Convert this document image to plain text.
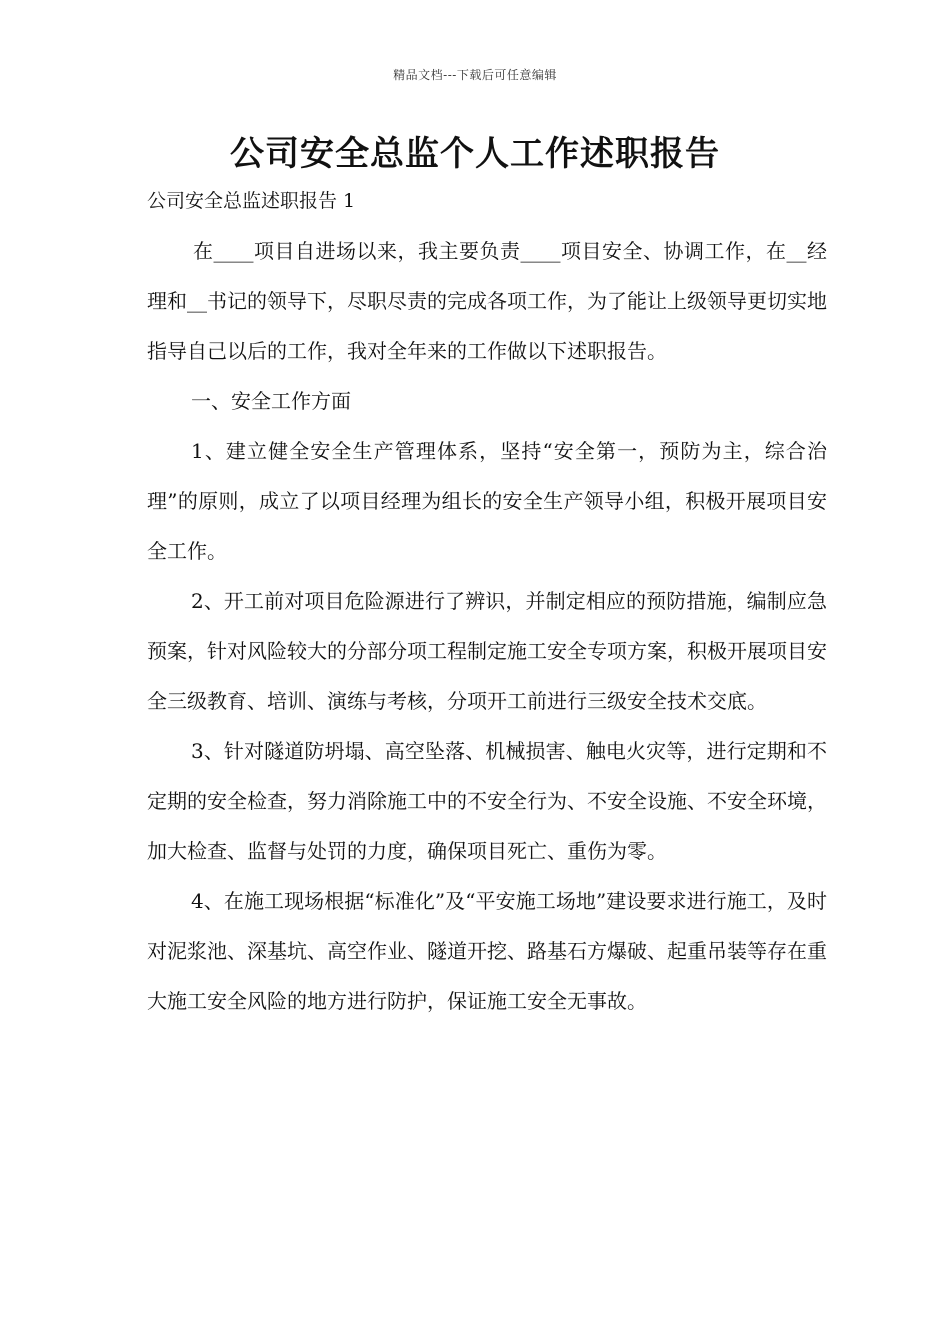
精品文档---下载后可任意编辑
公司安全总监个人工作述职报告

公司安全总监述职报告 1

在____项目自进场以来，我主要负责____项目安全、协调工作，在__经理和__书记的领导下，尽职尽责的完成各项工作，为了能让上级领导更切实地指导自己以后的工作，我对全年来的工作做以下述职报告。

一、安全工作方面

1、建立健全安全生产管理体系，坚持“安全第一，预防为主，综合治理”的原则，成立了以项目经理为组长的安全生产领导小组，积极开展项目安全工作。

2、开工前对项目危险源进行了辨识，并制定相应的预防措施，编制应急预案，针对风险较大的分部分项工程制定施工安全专项方案，积极开展项目安全三级教育、培训、演练与考核，分项开工前进行三级安全技术交底。

3、针对隧道防坍塌、高空坠落、机械损害、触电火灾等，进行定期和不定期的安全检查，努力消除施工中的不安全行为、不安全设施、不安全环境，加大检查、监督与处罚的力度，确保项目死亡、重伤为零。

4、在施工现场根据“标准化”及“平安施工场地”建设要求进行施工，及时对泥浆池、深基坑、高空作业、隧道开挖、路基石方爆破、起重吊装等存在重大施工安全风险的地方进行防护，保证施工安全无事故。
